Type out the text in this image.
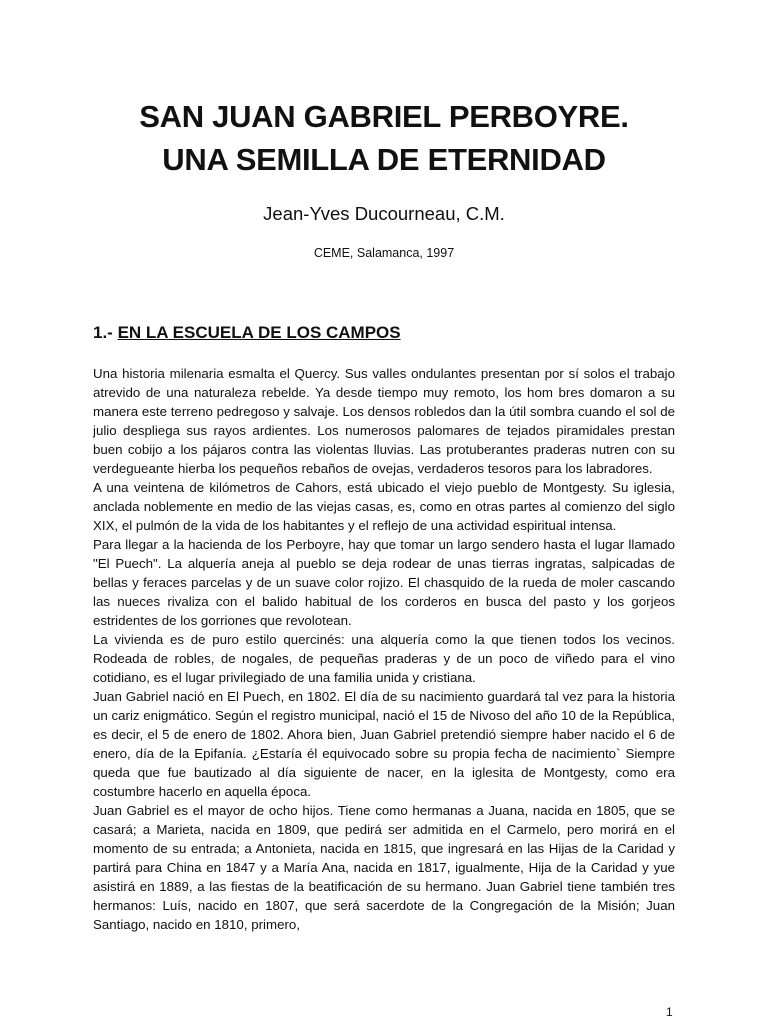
SAN JUAN GABRIEL PERBOYRE.
UNA SEMILLA DE ETERNIDAD

Jean-Yves Ducourneau, C.M.

CEME, Salamanca, 1997

1.- EN LA ESCUELA DE LOS CAMPOS

Una historia milenaria esmalta el Quercy. Sus valles ondulantes presentan por sí solos el trabajo atrevido de una naturaleza rebelde. Ya desde tiempo muy remoto, los hom bres domaron a su manera este terreno pedregoso y salvaje. Los densos robledos dan la útil sombra cuando el sol de julio despliega sus rayos ardientes. Los numerosos palomares de tejados piramidales prestan buen cobijo a los pájaros contra las violentas lluvias. Las protuberantes praderas nutren con su verdegueante hierba los pequeños rebaños de ovejas, verdaderos tesoros para los labradores.

A una veintena de kilómetros de Cahors, está ubicado el viejo pueblo de Montgesty. Su iglesia, anclada noblemente en medio de las viejas casas, es, como en otras partes al comienzo del siglo XIX, el pulmón de la vida de los habitantes y el reflejo de una actividad espiritual intensa.

Para llegar a la hacienda de los Perboyre, hay que tomar un largo sendero hasta el lugar llamado "El Puech". La alquería aneja al pueblo se deja rodear de unas tierras ingratas, salpicadas de bellas y feraces parcelas y de un suave color rojizo. El chasquido de la rueda de moler cascando las nueces rivaliza con el balido habitual de los corderos en busca del pasto y los gorjeos estridentes de los gorriones que revolotean.

La vivienda es de puro estilo quercinés: una alquería como la que tienen todos los vecinos. Rodeada de robles, de nogales, de pequeñas praderas y de un poco de viñedo para el vino cotidiano, es el lugar privilegiado de una familia unida y cristiana.

Juan Gabriel nació en El Puech, en 1802. El día de su nacimiento guardará tal vez para la historia un cariz enigmático. Según el registro municipal, nació el 15 de Nivoso del año 10 de la República, es decir, el 5 de enero de 1802. Ahora bien, Juan Gabriel pretendió siempre haber nacido el 6 de enero, día de la Epifanía. ¿Estaría él equivocado sobre su propia fecha de nacimiento` Siempre queda que fue bautizado al día siguiente de nacer, en la iglesita de Montgesty, como era costumbre hacerlo en aquella época.

Juan Gabriel es el mayor de ocho hijos. Tiene como hermanas a Juana, nacida en 1805, que se casará; a Marieta, nacida en 1809, que pedirá ser admitida en el Carmelo, pero morirá en el momento de su entrada; a Antonieta, nacida en 1815, que ingresará en las Hijas de la Caridad y partirá para China en 1847 y a María Ana, nacida en 1817, igualmente, Hija de la Caridad y yue asistirá en 1889, a las fiestas de la beatificación de su hermano. Juan Gabriel tiene también tres hermanos: Luís, nacido en 1807, que será sacerdote de la Congregación de la Misión; Juan Santiago, nacido en 1810, primero,

1
